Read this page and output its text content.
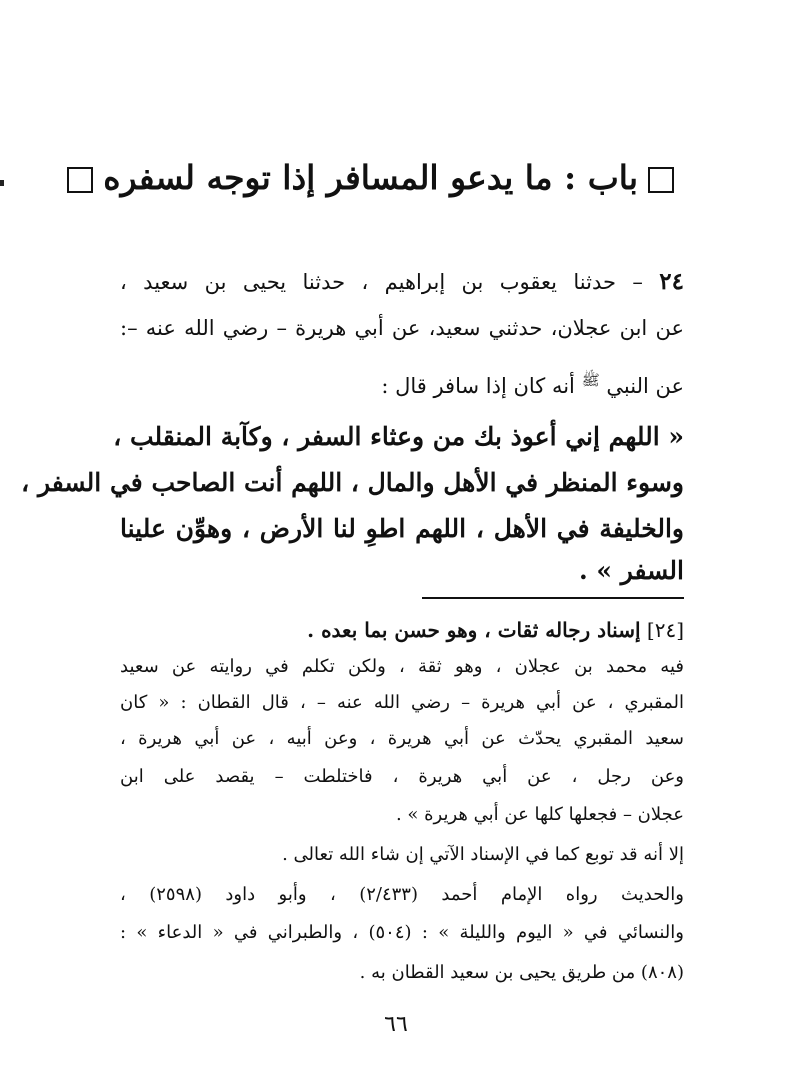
باب : ما يدعو المسافر إذا توجه لسفره
٢٤ – حدثنا يعقوب بن إبراهيم ، حدثنا يحيى بن سعيد ،
عن ابن عجلان، حدثني سعيد، عن أبي هريرة – رضي الله عنه –:
عن النبي $^ﷺ$ أنه كان إذا سافر قال :
« اللهم إني أعوذ بك من وعثاء السفر ، وكآبة المنقلب ،
وسوء المنظر في الأهل والمال ، اللهم أنت الصاحب في السفر ،
والخليفة في الأهل ، اللهم اطوِ لنا الأرض ، وهوِّن علينا
السفر » .
[٢٤] إسناد رجاله ثقات ، وهو حسن بما بعده .
فيه محمد بن عجلان ، وهو ثقة ، ولكن تكلم في روايته عن سعيد
المقبري ، عن أبي هريرة – رضي الله عنه – ، قال القطان : « كان
سعيد المقبري يحدّث عن أبي هريرة ، وعن أبيه ، عن أبي هريرة ،
وعن رجل ، عن أبي هريرة ، فاختلطت – يقصد على ابن
عجلان – فجعلها كلها عن أبي هريرة » .
إلا أنه قد توبع كما في الإسناد الآتي إن شاء الله تعالى .
والحديث رواه الإمام أحمد (٢/٤٣٣) ، وأبو داود (٢٥٩٨) ،
والنسائي في « اليوم والليلة » : (٥٠٤) ، والطبراني في « الدعاء » :
(٨٠٨) من طريق يحيى بن سعيد القطان به .
٦٦
